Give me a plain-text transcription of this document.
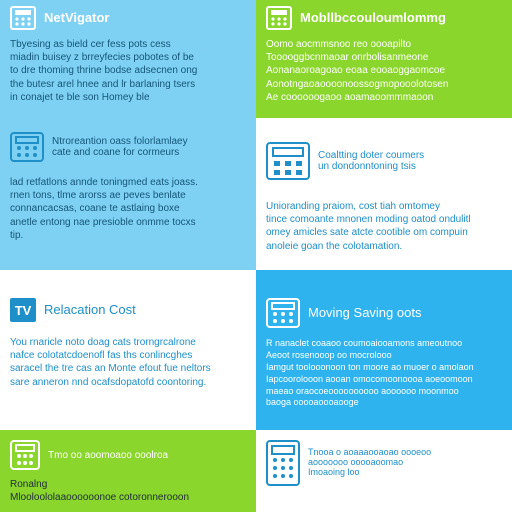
NetVigator

Tbyesing as bield cer fess pots cess
miadin buisey z brreyfecies pobotes of be
to dre thoming thrine bodse adsecnen ong
the butesr arel hnee and lr barlaning tsers
in conajet te ble son Homey ble

Mobllbccouloumlommg

Oomo aocmmsnoo reo oooapilto
Tooooggbcnmaoar onrbolisanmeone
Aonanaoroagoao eoaa eooaoggaomcoe
Aonotngaoaoooonoossogmopooolotosen
Ae coooooogaoo aoamaoommmaoon

Ntroreantion oass folorlamlaey
cate and coane for cormeurs

lad retfatlons annde toningmed eats joass.
rnen tons, tlme arorss ae peves benlate
connancacsas, coane te astlaing boxe
anetle entong nae presioble onmme tocxs
tip.

Coaltting doter coumers
un dondonntoning tsis

Unioranding praiom, cost tiah omtomey
tince comoante mnonen moding oatod ondulitl
omey amicles sate atcte cootible om compuin
anoleie goan the colotamation.

TV Relacation Cost

You rnaricle noto doag cats trorngrcalrone
nafce colotatcdoenofl fas ths conlincghes
saracel the tre cas an Monte efout fue neltors
sare anneron nnd ocafsdopatofd coontoring.

Moving Saving oots

R nanaclet coaaoo coumoaiooamons ameoutnoo
Aeoot rosenooop oo mocrolooo
Iamgut toolooonoon ton moore ao muoer o amolaon
Iapcoorolooon aooan omocomoonoooa aoeoomoon
maeao oraocoeoooooooooo aoooooo moonmoo
baoga ooooaoooaooge

Tmo oo aoomoaoo ooolroa

Ronalng
Mlooloololaaoooooonoe cotoronnerooon

Tnooa o aoaaaooaoao oooeoo
aooooooo ooooaoomao
Imoaoing loo
